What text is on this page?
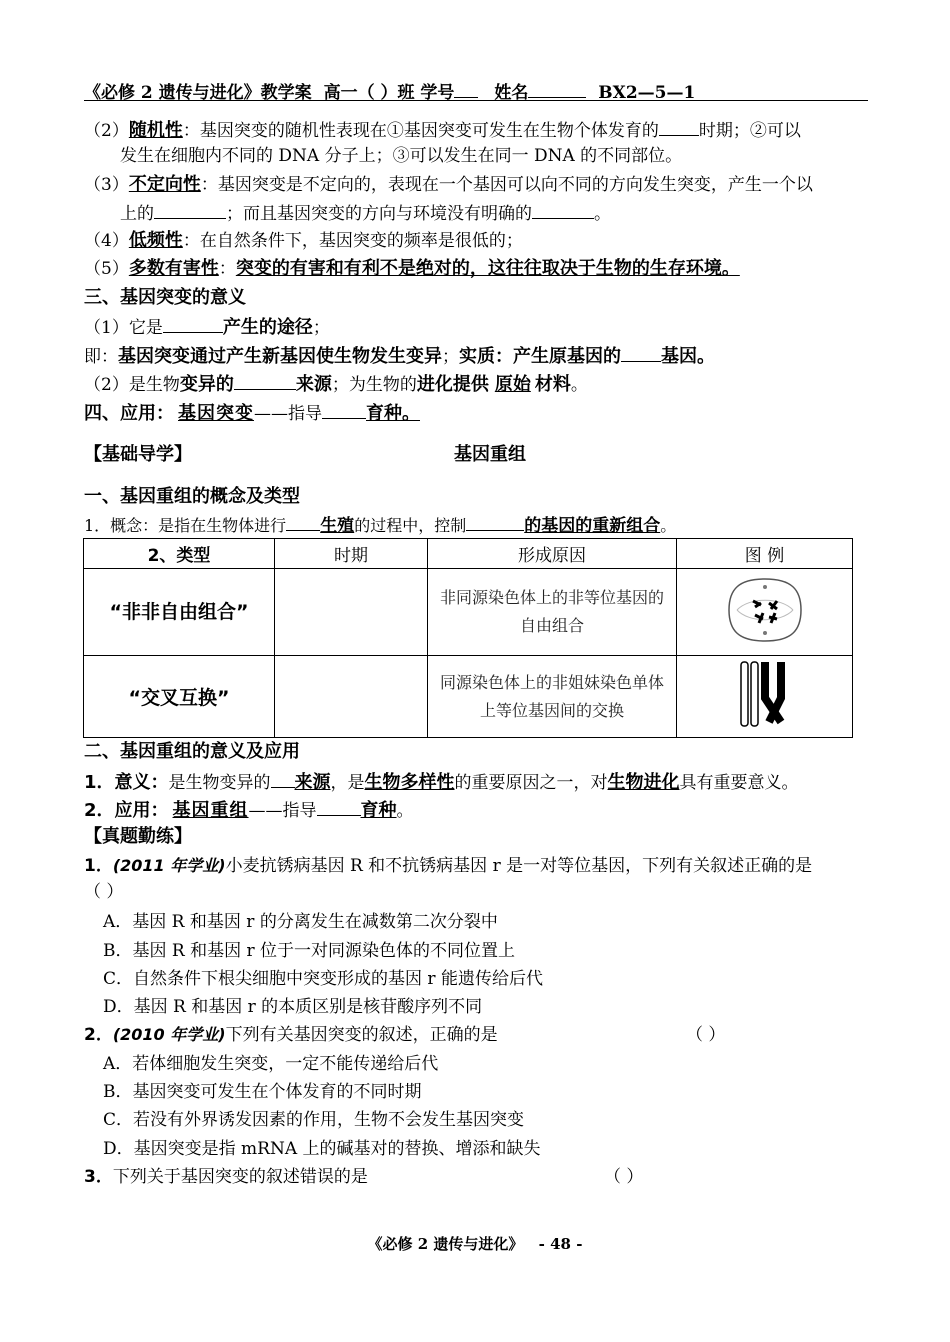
《必修 2 遗传与进化》教学案 高一（ ）班 学号 姓名	BX2—5—1
（2）随机性：基因突变的随机性表现在①基因突变可发生在生物个体发育的 时期；②可以
发生在细胞内不同的 DNA 分子上；③可以发生在同一 DNA 的不同部位。
（3）不定向性：基因突变是不定向的，表现在一个基因可以向不同的方向发生突变，产生一个以
上的	；而且基因突变的方向与环境没有明确的	。
（4）低频性：在自然条件下，基因突变的频率是很低的；
（5）多数有害性：突变的有害和有利不是绝对的，这往往取决于生物的生存环境。
三、基因突变的意义
（1）它是	产生的途径；
即：基因突变通过产生新基因使生物发生变异；实质：产生原基因的 基因。
（2）是生物变异的	来源；为生物的进化提供 原始 材料。
四、应用： 基因突变——指导 育种。
【基础导学】	基因重组
一、基因重组的概念及类型
1．概念：是指在生物体进行 生殖的过程中，控制	的基因的重新组合。
2、类型	时期	形成原因	图 例
“非非自由组合”		非同源染色体上的非等位基因的自由组合	
“交叉互换”		同源染色体上的非姐妹染色单体上等位基因间的交换	
二、基因重组的意义及应用
1．意义：是生物变异的 来源，是生物多样性的重要原因之一，对生物进化具有重要意义。
2．应用： 基因重组——指导 育种。
【真题勤练】
1．(2011 年学业)小麦抗锈病基因 R 和不抗锈病基因 r 是一对等位基因，下列有关叙述正确的是
（ ）
A．基因 R 和基因 r 的分离发生在减数第二次分裂中
B．基因 R 和基因 r 位于一对同源染色体的不同位置上
C．自然条件下根尖细胞中突变形成的基因 r 能遗传给后代
D．基因 R 和基因 r 的本质区别是核苷酸序列不同
2．(2010 年学业)下列有关基因突变的叙述，正确的是	（ ）
A．若体细胞发生突变，一定不能传递给后代
B．基因突变可发生在个体发育的不同时期
C．若没有外界诱发因素的作用，生物不会发生基因突变
D．基因突变是指 mRNA 上的碱基对的替换、增添和缺失
3．下列关于基因突变的叙述错误的是	（ ）
《必修 2 遗传与进化》 - 48 -
